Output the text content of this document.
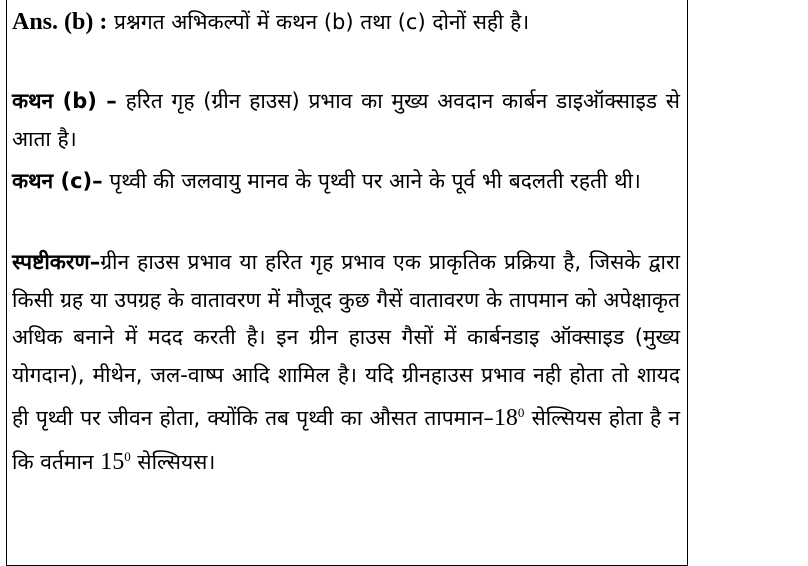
Ans. (b) : प्रश्नगत अभिकल्पों में कथन (b) तथा (c) दोनों सही है।
कथन (b) – हरित गृह (ग्रीन हाउस) प्रभाव का मुख्य अवदान कार्बन डाइऑक्साइड से आता है।
कथन (c)– पृथ्वी की जलवायु मानव के पृथ्वी पर आने के पूर्व भी बदलती रहती थी।
स्पष्टीकरण–ग्रीन हाउस प्रभाव या हरित गृह प्रभाव एक प्राकृतिक प्रक्रिया है, जिसके द्वारा किसी ग्रह या उपग्रह के वातावरण में मौजूद कुछ गैसें वातावरण के तापमान को अपेक्षाकृत अधिक बनाने में मदद करती है। इन ग्रीन हाउस गैसों में कार्बनडाइ ऑक्साइड (मुख्य योगदान), मीथेन, जल-वाष्प आदि शामिल है। यदि ग्रीनहाउस प्रभाव नही होता तो शायद ही पृथ्वी पर जीवन होता, क्योंकि तब पृथ्वी का औसत $तापमान-18^0$ सेल्सियस होता है न कि वर्तमान $15^0$ सेल्सियस।
